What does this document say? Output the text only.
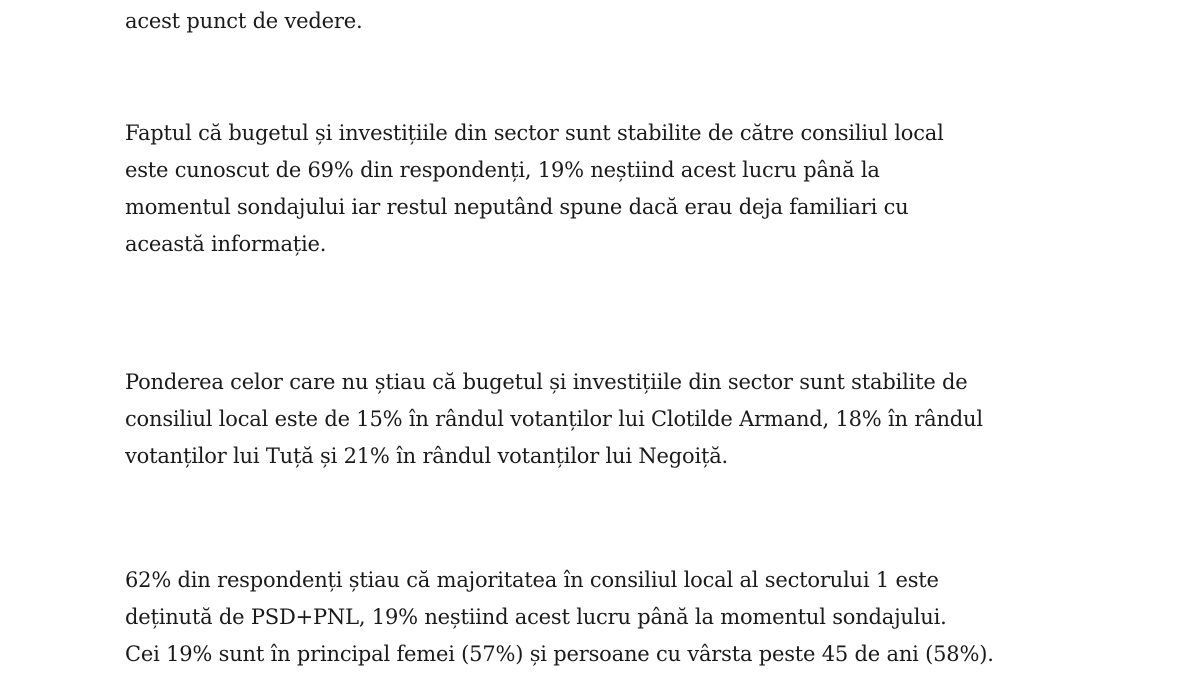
acest punct de vedere.
Faptul că bugetul și investițiile din sector sunt stabilite de către consiliul local
este cunoscut de 69% din respondenți, 19% neștiind acest lucru până la
momentul sondajului iar restul neputând spune dacă erau deja familiari cu
această informație.
Ponderea celor care nu știau că bugetul și investițiile din sector sunt stabilite de
consiliul local este de 15% în rândul votanților lui Clotilde Armand, 18% în rândul
votanților lui Tuță și 21% în rândul votanților lui Negoiță.
62% din respondenți știau că majoritatea în consiliul local al sectorului 1 este
deținută de PSD+PNL, 19% neștiind acest lucru până la momentul sondajului.
Cei 19% sunt în principal femei (57%) și persoane cu vârsta peste 45 de ani (58%).
